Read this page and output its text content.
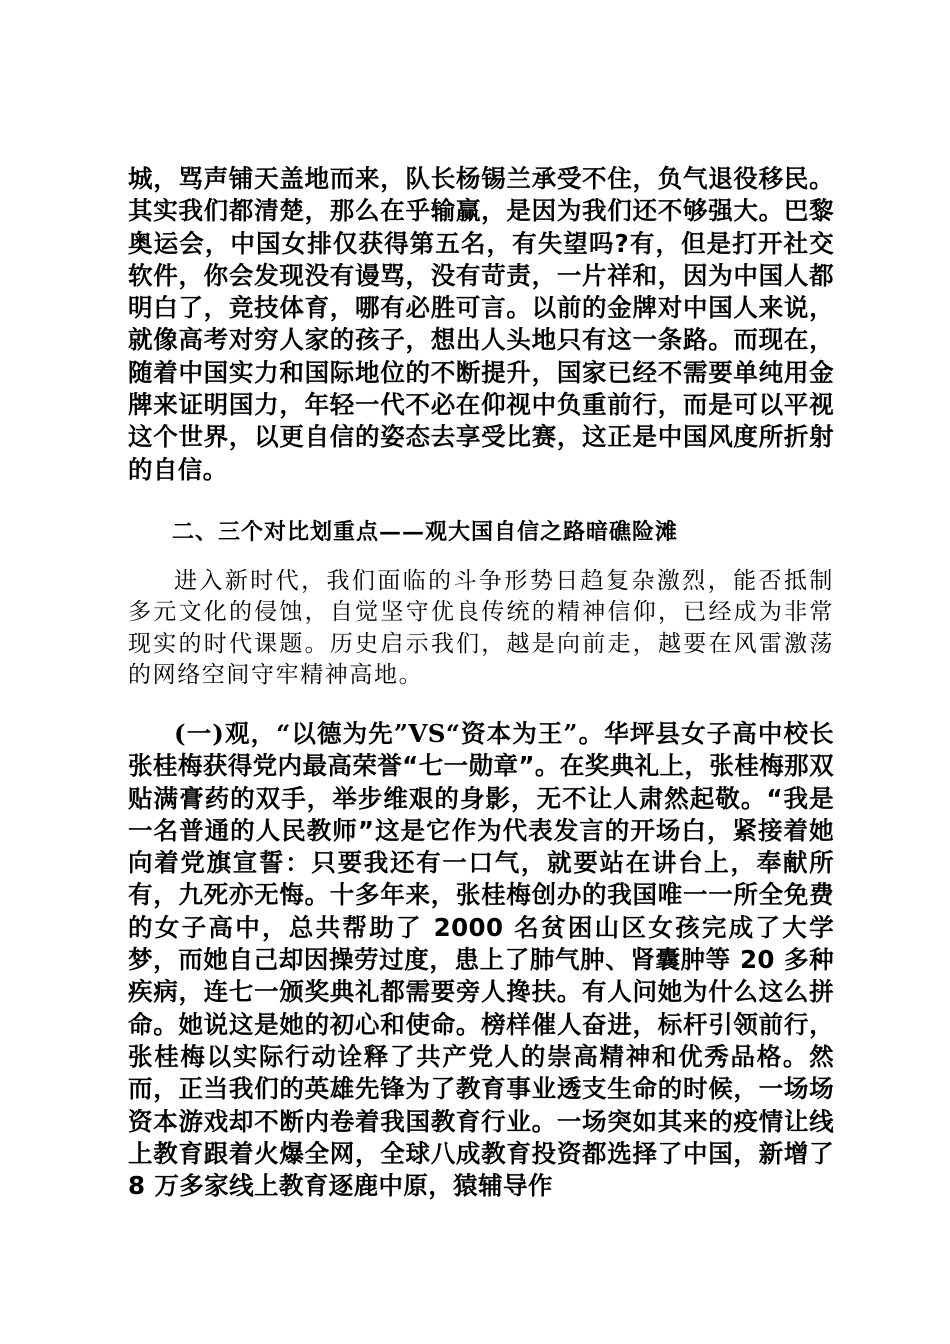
城，骂声铺天盖地而来，队长杨锡兰承受不住，负气退役移民。其实我们都清楚，那么在乎输赢，是因为我们还不够强大。巴黎奥运会，中国女排仅获得第五名，有失望吗?有，但是打开社交软件，你会发现没有谩骂，没有苛责，一片祥和，因为中国人都明白了，竞技体育，哪有必胜可言。以前的金牌对中国人来说，就像高考对穷人家的孩子，想出人头地只有这一条路。而现在，随着中国实力和国际地位的不断提升，国家已经不需要单纯用金牌来证明国力，年轻一代不必在仰视中负重前行，而是可以平视这个世界，以更自信的姿态去享受比赛，这正是中国风度所折射的自信。

二、三个对比划重点——观大国自信之路暗礁险滩

进入新时代，我们面临的斗争形势日趋复杂激烈，能否抵制多元文化的侵蚀，自觉坚守优良传统的精神信仰，已经成为非常现实的时代课题。历史启示我们，越是向前走，越要在风雷激荡的网络空间守牢精神高地。

(一)观，“以德为先”VS“资本为王”。华坪县女子高中校长张桂梅获得党内最高荣誉“七一勋章”。在奖典礼上，张桂梅那双贴满膏药的双手，举步维艰的身影，无不让人肃然起敬。“我是一名普通的人民教师”这是它作为代表发言的开场白，紧接着她向着党旗宣誓：只要我还有一口气，就要站在讲台上，奉献所有，九死亦无悔。十多年来，张桂梅创办的我国唯一一所全免费的女子高中，总共帮助了 2000 名贫困山区女孩完成了大学梦，而她自己却因操劳过度，患上了肺气肿、肾囊肿等 20 多种疾病，连七一颁奖典礼都需要旁人搀扶。有人问她为什么这么拼命。她说这是她的初心和使命。榜样催人奋进，标杆引领前行，张桂梅以实际行动诠释了共产党人的崇高精神和优秀品格。然而，正当我们的英雄先锋为了教育事业透支生命的时候，一场场资本游戏却不断内卷着我国教育行业。一场突如其来的疫情让线上教育跟着火爆全网，全球八成教育投资都选择了中国，新增了 8 万多家线上教育逐鹿中原，猿辅导作
